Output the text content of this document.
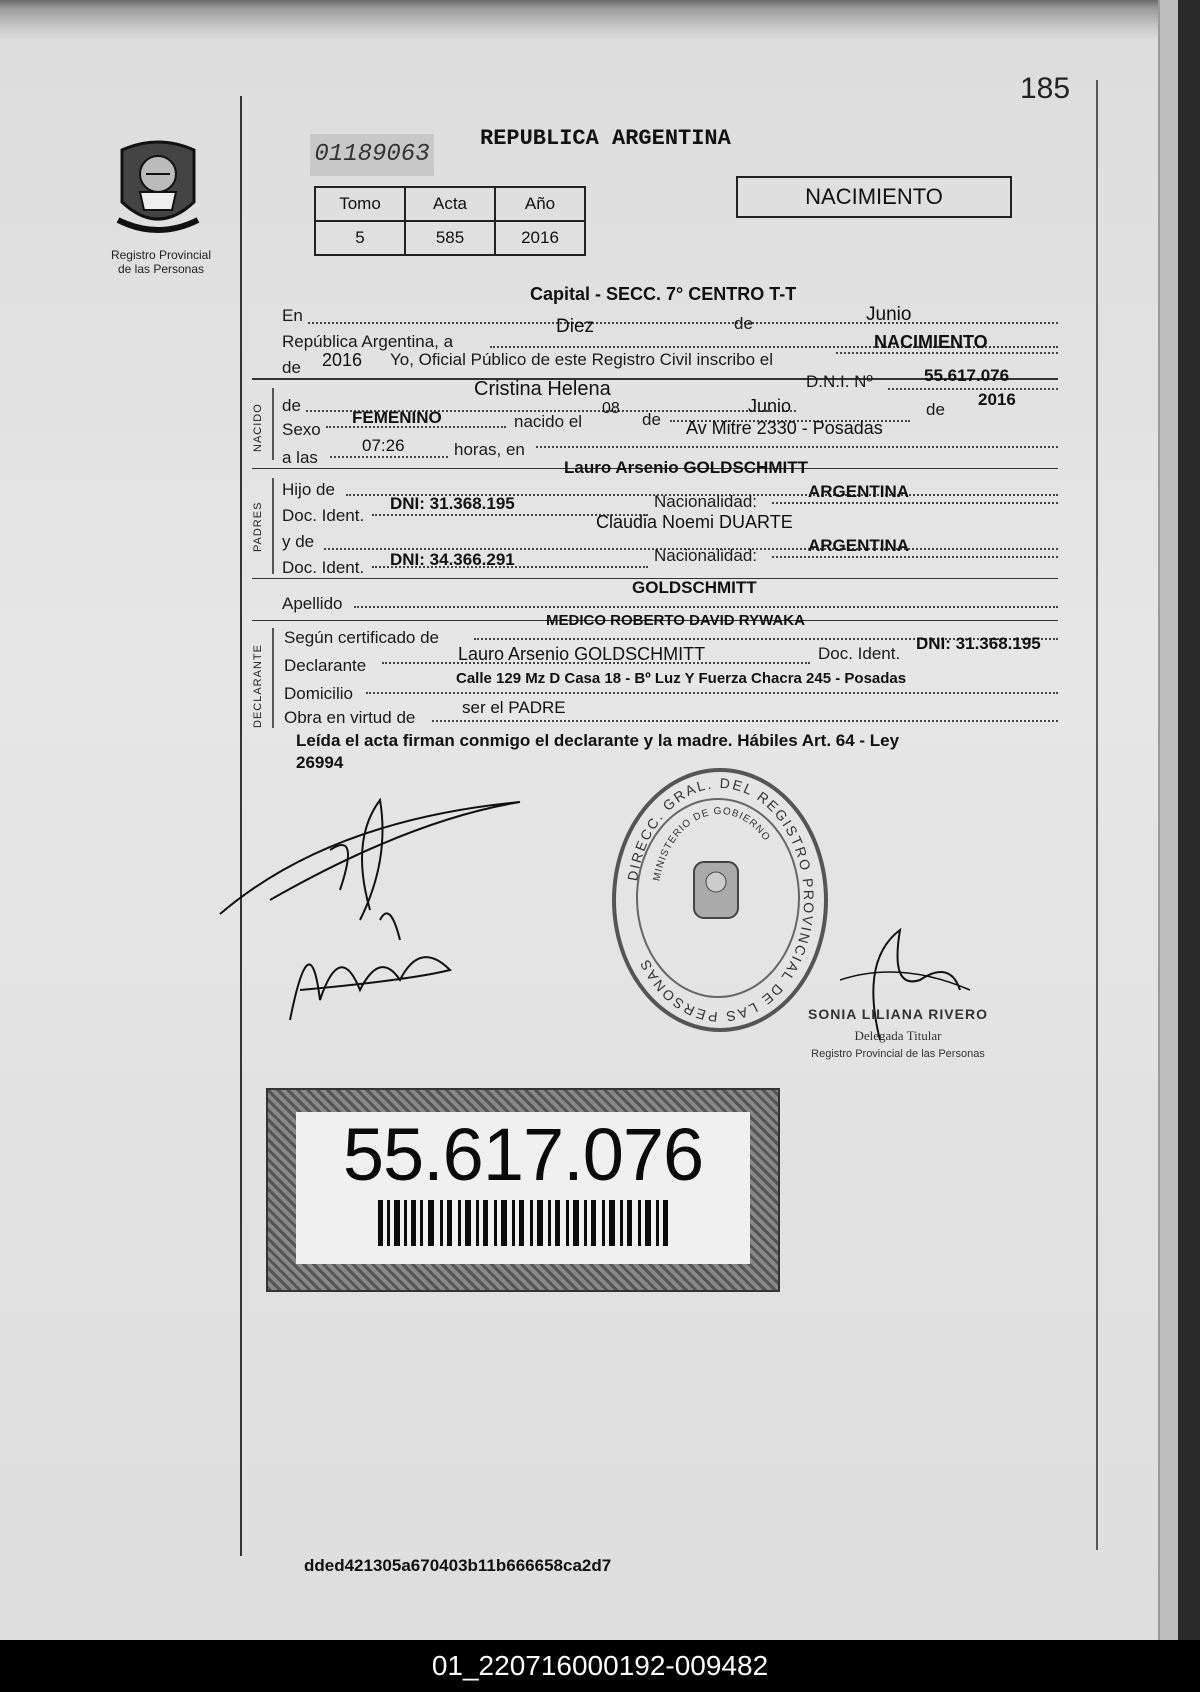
185
Registro Provincial
de las Personas
01189063
REPUBLICA ARGENTINA
Tomo	Acta	Año
5	585	2016
NACIMIENTO
En
Capital - SECC. 7° CENTRO T-T
República Argentina, a
Diez	de	Junio
de 2016 Yo, Oficial Público de este Registro Civil inscribo el
NACIMIENTO
NACIDO de
Cristina Helena	D.N.I. Nº	55.617.076
Sexo
FEMENINO	nacido el
08
de
Junio	de
2016
a las
07:26	horas, en
Av Mitre 2330 - Posadas
PADRES
Hijo de
Lauro Arsenio GOLDSCHMITT
Doc. Ident.
DNI: 31.368.195	Nacionalidad:
ARGENTINA
y de
Claudia Noemi DUARTE
Doc. Ident. DNI: 34.366.291	Nacionalidad:
ARGENTINA
Apellido
GOLDSCHMITT
DECLARANTE
Según certificado de
MEDICO ROBERTO DAVID RYWAKA
Declarante
Lauro Arsenio GOLDSCHMITT	Doc. Ident.
DNI: 31.368.195
Domicilio
Calle 129 Mz D Casa 18 - Bº Luz Y Fuerza Chacra 245 - Posadas
Obra en virtud de
ser el PADRE
Leída el acta firman conmigo el declarante y la madre. Hábiles Art. 64 - Ley
26994
DIRECC. GRAL. DEL REGISTRO PROVINCIAL DE LAS PERSONAS
MINISTERIO DE GOBIERNO
SONIA LILIANA RIVERO
Delegada Titular
Registro Provincial de las Personas
55.617.076
dded421305a670403b11b666658ca2d7
01_220716000192-009482
